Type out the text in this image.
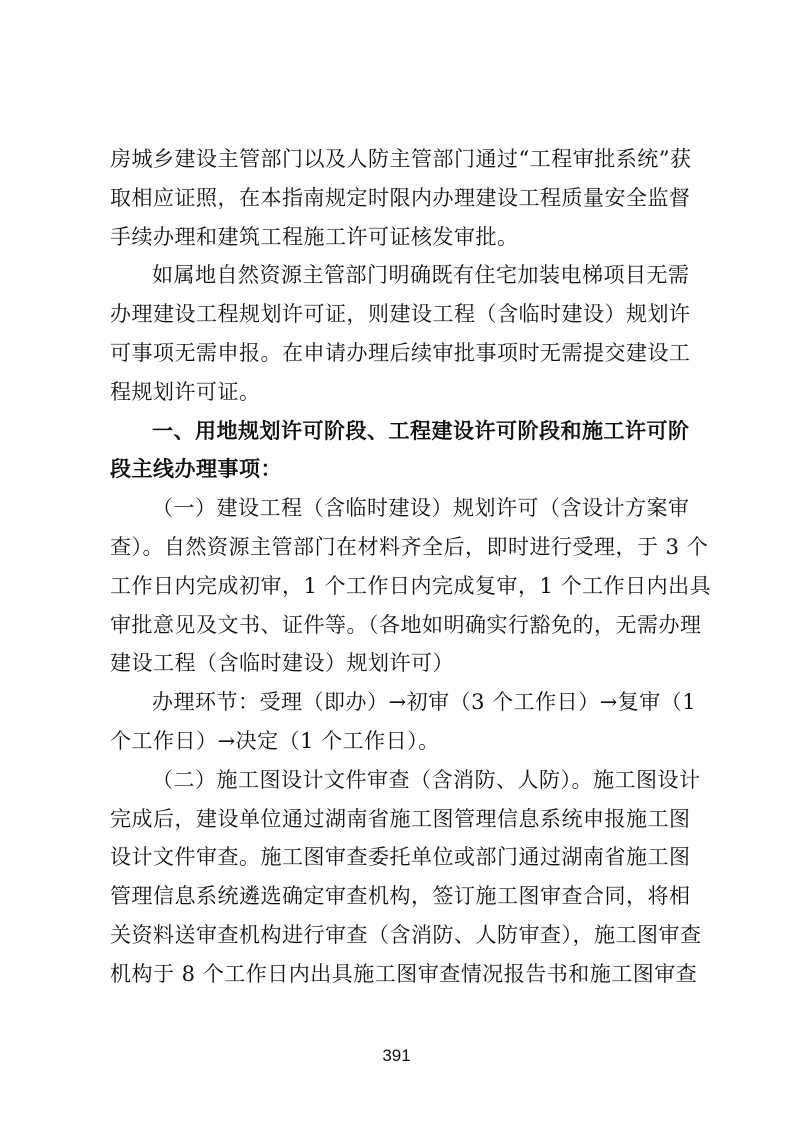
房城乡建设主管部门以及人防主管部门通过“工程审批系统”获
取相应证照，在本指南规定时限内办理建设工程质量安全监督
手续办理和建筑工程施工许可证核发审批。
如属地自然资源主管部门明确既有住宅加装电梯项目无需
办理建设工程规划许可证，则建设工程（含临时建设）规划许
可事项无需申报。在申请办理后续审批事项时无需提交建设工
程规划许可证。
一、用地规划许可阶段、工程建设许可阶段和施工许可阶
段主线办理事项：
（一）建设工程（含临时建设）规划许可（含设计方案审
查）。自然资源主管部门在材料齐全后，即时进行受理，于 3 个
工作日内完成初审，1 个工作日内完成复审，1 个工作日内出具
审批意见及文书、证件等。（各地如明确实行豁免的，无需办理
建设工程（含临时建设）规划许可）
办理环节：受理（即办）→初审（3 个工作日）→复审（1
个工作日）→决定（1 个工作日）。
（二）施工图设计文件审查（含消防、人防）。施工图设计
完成后，建设单位通过湖南省施工图管理信息系统申报施工图
设计文件审查。施工图审查委托单位或部门通过湖南省施工图
管理信息系统遴选确定审查机构，签订施工图审查合同，将相
关资料送审查机构进行审查（含消防、人防审查），施工图审查
机构于 8 个工作日内出具施工图审查情况报告书和施工图审查
391
